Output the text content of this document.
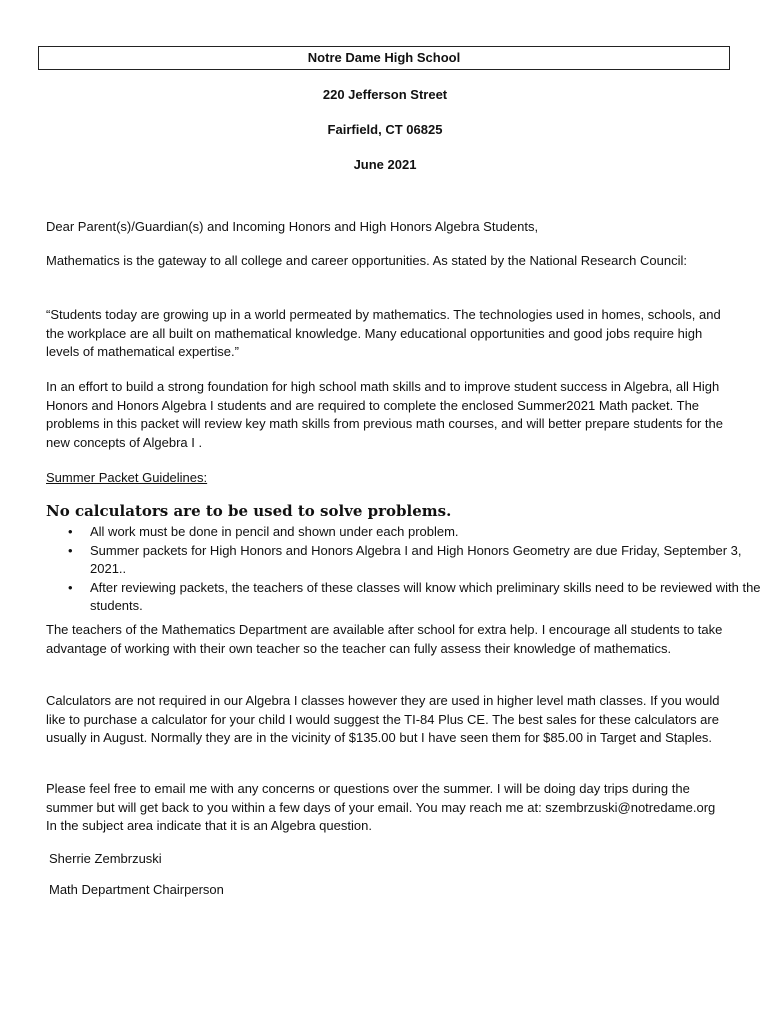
Notre Dame High School
220 Jefferson Street
Fairfield, CT 06825
June 2021

Dear Parent(s)/Guardian(s) and Incoming Honors and High Honors Algebra Students,

Mathematics is the gateway to all college and career opportunities. As stated by the National Research Council:

“Students today are growing up in a world permeated by mathematics. The technologies used in homes, schools, and the workplace are all built on mathematical knowledge. Many educational opportunities and good jobs require high levels of mathematical expertise.”

In an effort to build a strong foundation for high school math skills and to improve student success in Algebra, all High Honors and Honors Algebra I students and are required to complete the enclosed Summer2021 Math packet. The problems in this packet will review key math skills from previous math courses, and will better prepare students for the new concepts of Algebra I .

Summer Packet Guidelines:

No calculators are to be used to solve problems.
• All work must be done in pencil and shown under each problem.
• Summer packets for High Honors and Honors Algebra I and High Honors Geometry are due Friday, September 3, 2021..
• After reviewing packets, the teachers of these classes will know which preliminary skills need to be reviewed with the students.

The teachers of the Mathematics Department are available after school for extra help. I encourage all students to take advantage of working with their own teacher so the teacher can fully assess their knowledge of mathematics.

Calculators are not required in our Algebra I classes however they are used in higher level math classes. If you would like to purchase a calculator for your child I would suggest the TI-84 Plus CE. The best sales for these calculators are usually in August. Normally they are in the vicinity of $135.00 but I have seen them for $85.00 in Target and Staples.

Please feel free to email me with any concerns or questions over the summer. I will be doing day trips during the summer but will get back to you within a few days of your email. You may reach me at: szembrzuski@notredame.org In the subject area indicate that it is an Algebra question.

Sherrie Zembrzuski
Math Department Chairperson
